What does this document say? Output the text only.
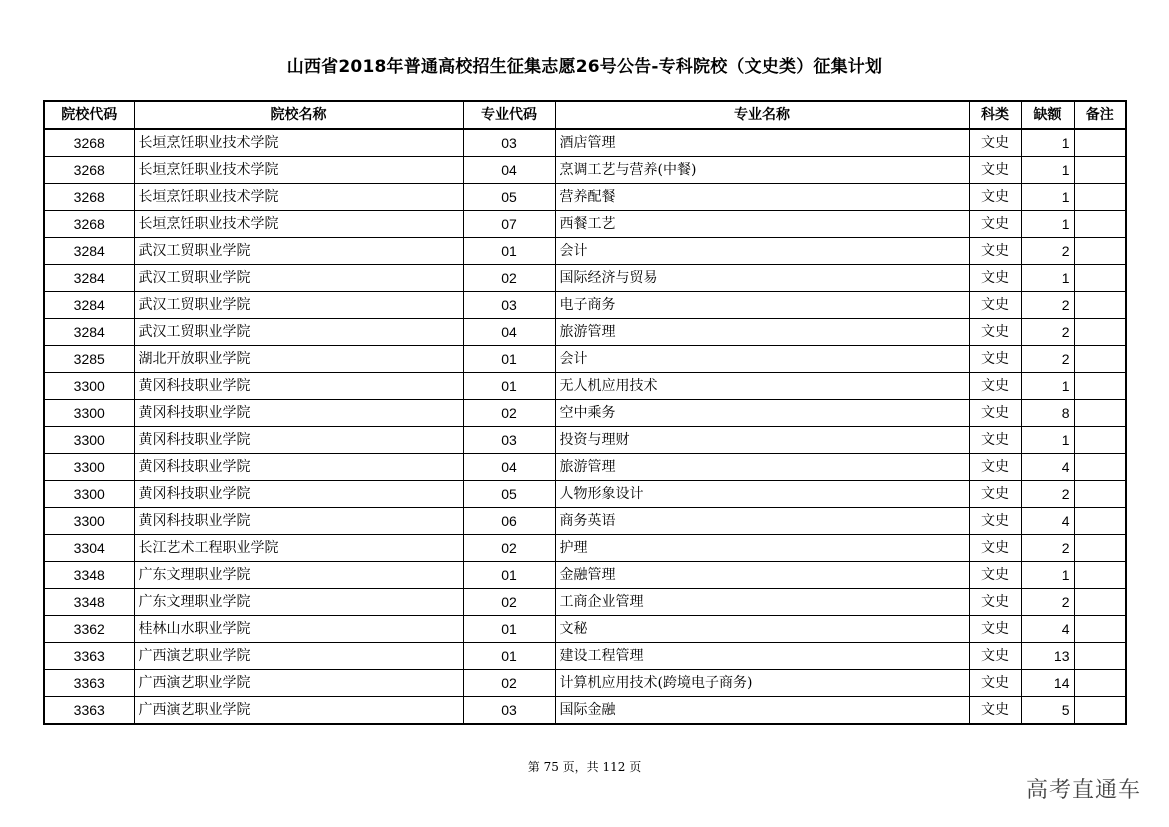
山西省2018年普通高校招生征集志愿26号公告-专科院校（文史类）征集计划
院校代码	院校名称	专业代码	专业名称	科类	缺额	备注
3268	长垣烹饪职业技术学院	03	酒店管理	文史	1	
3268	长垣烹饪职业技术学院	04	烹调工艺与营养(中餐)	文史	1	
3268	长垣烹饪职业技术学院	05	营养配餐	文史	1	
3268	长垣烹饪职业技术学院	07	西餐工艺	文史	1	
3284	武汉工贸职业学院	01	会计	文史	2	
3284	武汉工贸职业学院	02	国际经济与贸易	文史	1	
3284	武汉工贸职业学院	03	电子商务	文史	2	
3284	武汉工贸职业学院	04	旅游管理	文史	2	
3285	湖北开放职业学院	01	会计	文史	2	
3300	黄冈科技职业学院	01	无人机应用技术	文史	1	
3300	黄冈科技职业学院	02	空中乘务	文史	8	
3300	黄冈科技职业学院	03	投资与理财	文史	1	
3300	黄冈科技职业学院	04	旅游管理	文史	4	
3300	黄冈科技职业学院	05	人物形象设计	文史	2	
3300	黄冈科技职业学院	06	商务英语	文史	4	
3304	长江艺术工程职业学院	02	护理	文史	2	
3348	广东文理职业学院	01	金融管理	文史	1	
3348	广东文理职业学院	02	工商企业管理	文史	2	
3362	桂林山水职业学院	01	文秘	文史	4	
3363	广西演艺职业学院	01	建设工程管理	文史	13	
3363	广西演艺职业学院	02	计算机应用技术(跨境电子商务)	文史	14	
3363	广西演艺职业学院	03	国际金融	文史	5	
第 75 页，共 112 页
高考直通车
